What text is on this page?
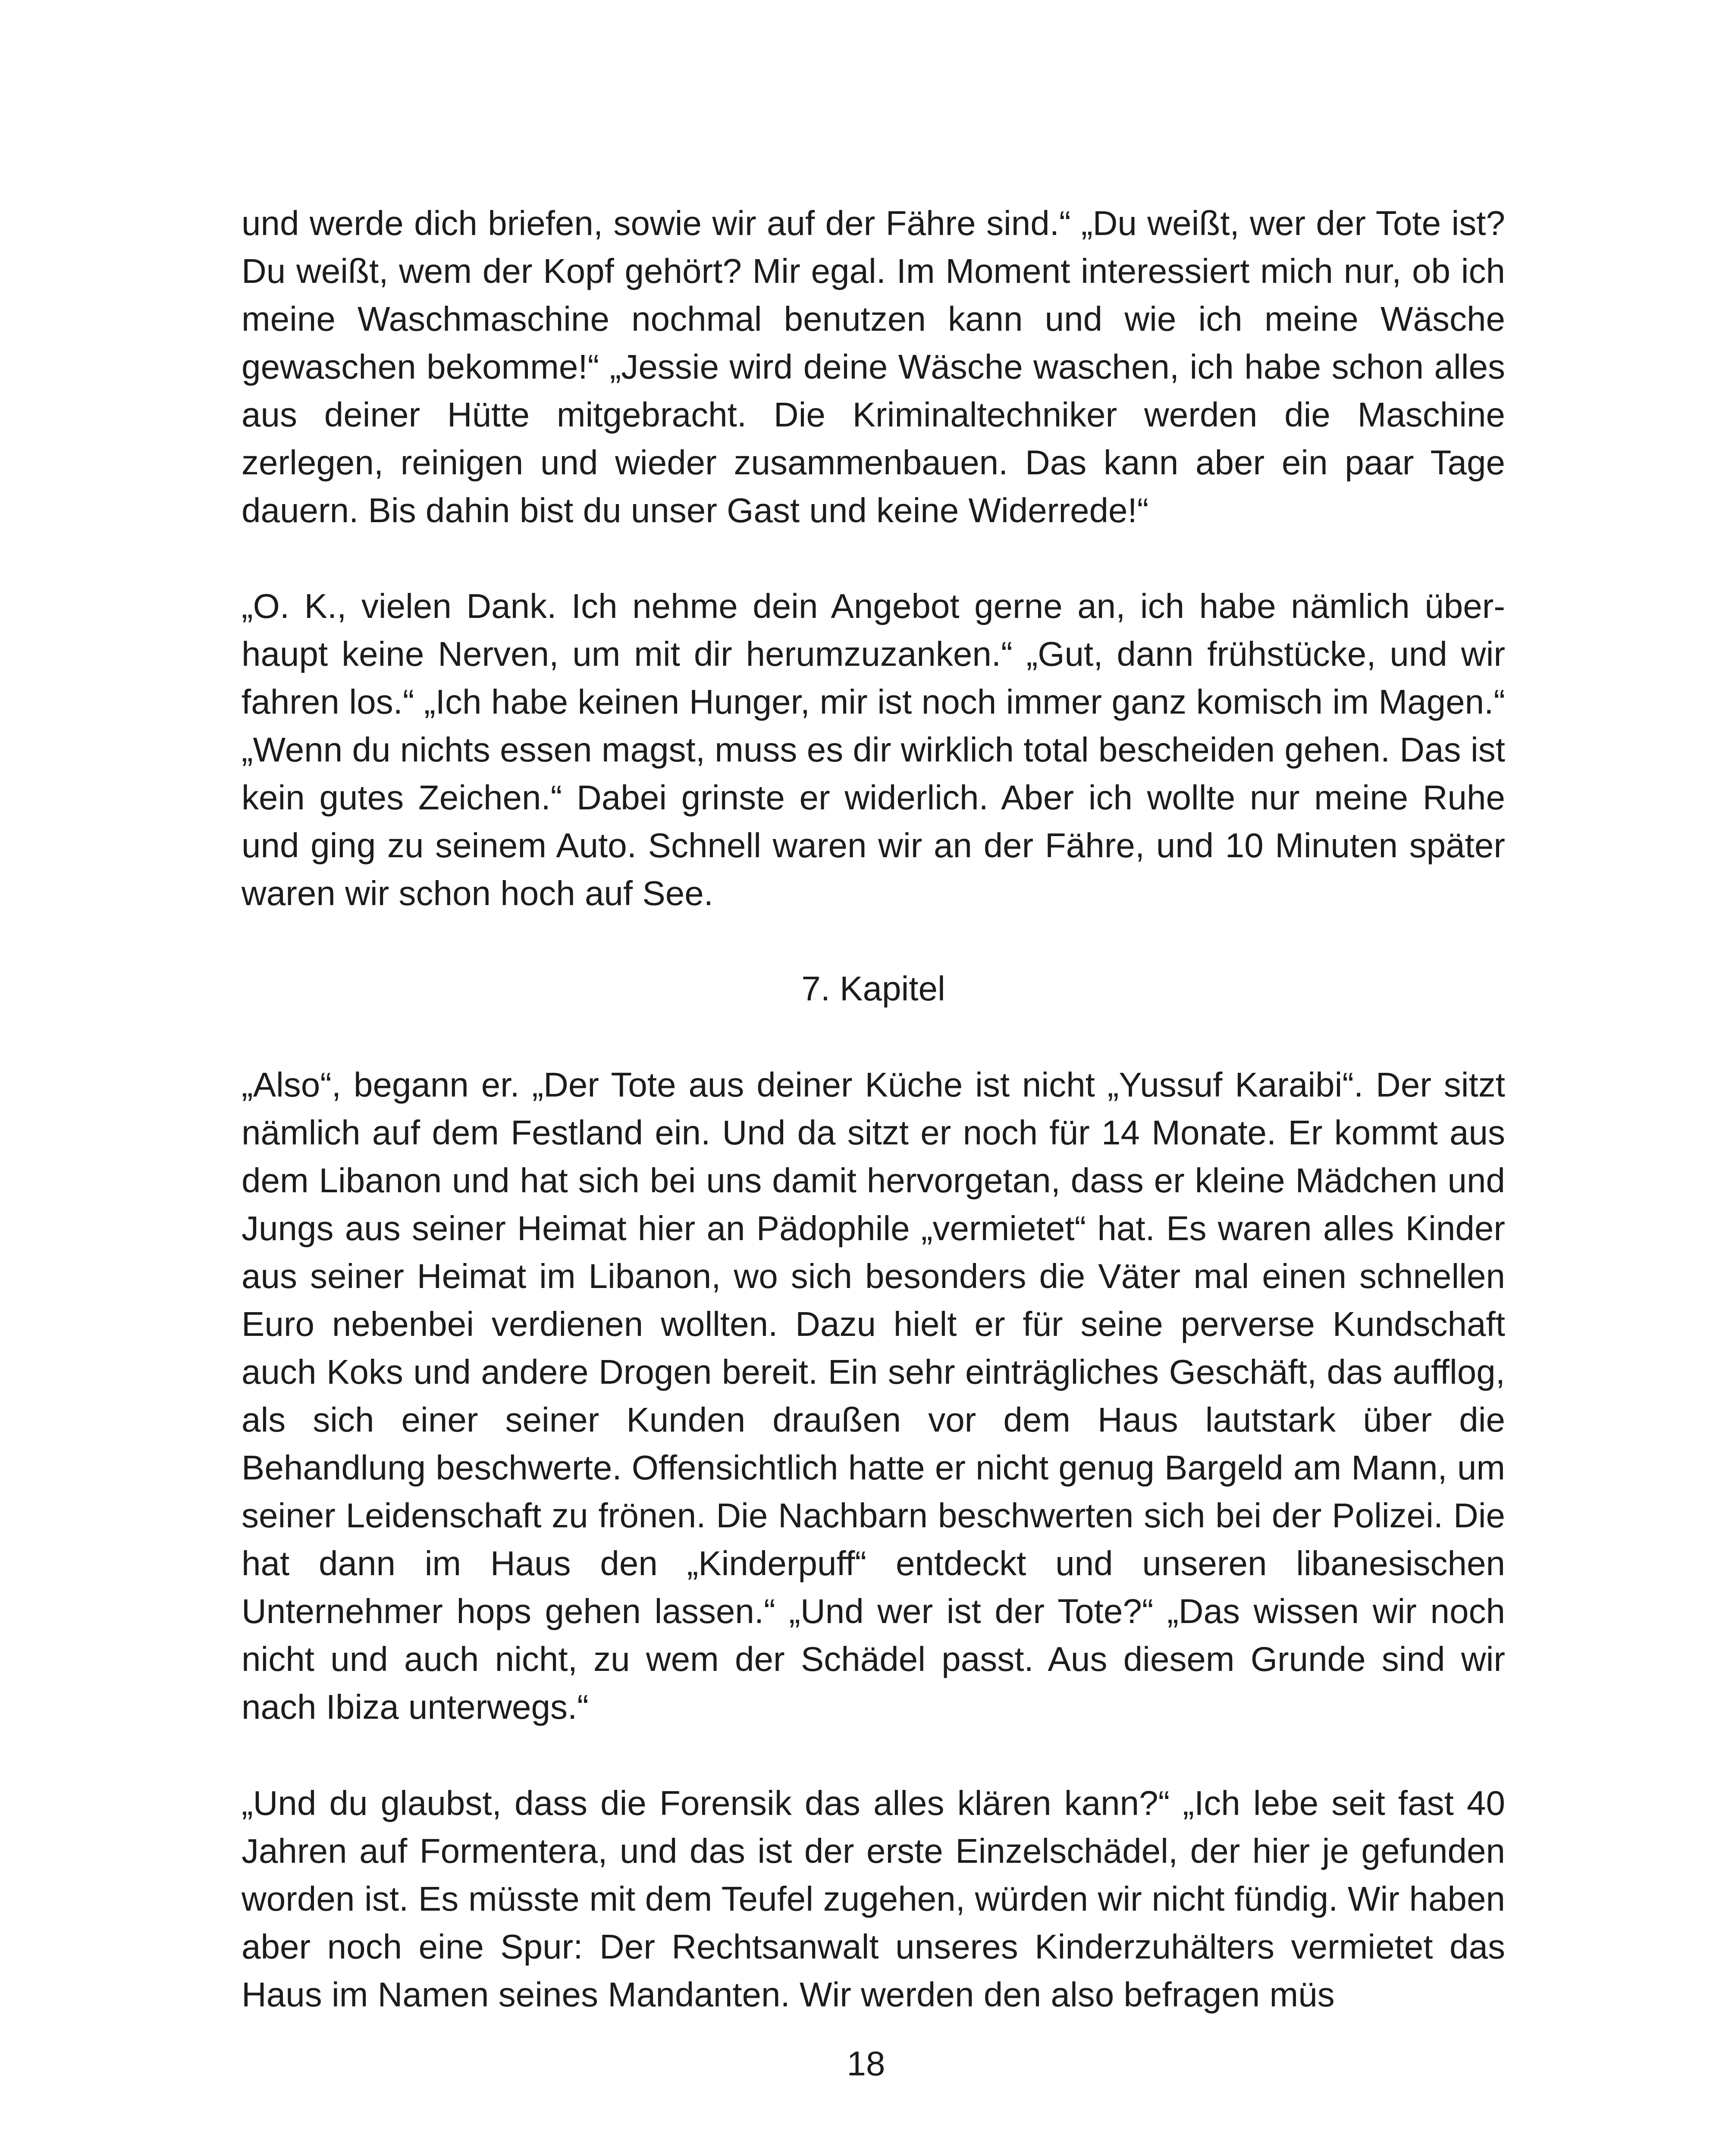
und werde dich briefen, sowie wir auf der Fähre sind.“ „Du weißt, wer der Tote ist? Du weißt, wem der Kopf gehört? Mir egal. Im Moment interessiert mich nur, ob ich meine Waschmaschine nochmal benutzen kann und wie ich meine Wäsche gewaschen bekomme!“ „Jessie wird deine Wäsche waschen, ich habe schon alles aus deiner Hütte mitgebracht. Die Kriminaltechniker werden die Maschine zerlegen, reinigen und wieder zusammenbauen. Das kann aber ein paar Tage dauern. Bis dahin bist du unser Gast und keine Widerrede!“

„O. K., vielen Dank. Ich nehme dein Angebot gerne an, ich habe nämlich überhaupt keine Nerven, um mit dir herumzuzanken.“ „Gut, dann frühstücke, und wir fahren los.“ „Ich habe keinen Hunger, mir ist noch immer ganz komisch im Magen.“ „Wenn du nichts essen magst, muss es dir wirklich total bescheiden gehen. Das ist kein gutes Zeichen.“ Dabei grinste er widerlich. Aber ich wollte nur meine Ruhe und ging zu seinem Auto. Schnell waren wir an der Fähre, und 10 Minuten später waren wir schon hoch auf See.

7. Kapitel

„Also“, begann er. „Der Tote aus deiner Küche ist nicht „Yussuf Karaibi“. Der sitzt nämlich auf dem Festland ein. Und da sitzt er noch für 14 Monate. Er kommt aus dem Libanon und hat sich bei uns damit hervorgetan, dass er kleine Mädchen und Jungs aus seiner Heimat hier an Pädophile „vermietet“ hat. Es waren alles Kinder aus seiner Heimat im Libanon, wo sich besonders die Väter mal einen schnellen Euro nebenbei verdienen wollten. Dazu hielt er für seine perverse Kundschaft auch Koks und andere Drogen bereit. Ein sehr einträgliches Geschäft, das aufflog, als sich einer seiner Kunden draußen vor dem Haus lautstark über die Behandlung beschwerte. Offensichtlich hatte er nicht genug Bargeld am Mann, um seiner Leidenschaft zu frönen. Die Nachbarn beschwerten sich bei der Polizei. Die hat dann im Haus den „Kinderpuff“ entdeckt und unseren libanesischen Unternehmer hops gehen lassen.“ „Und wer ist der Tote?“ „Das wissen wir noch nicht und auch nicht, zu wem der Schädel passt. Aus diesem Grunde sind wir nach Ibiza unterwegs.“

„Und du glaubst, dass die Forensik das alles klären kann?“ „Ich lebe seit fast 40 Jahren auf Formentera, und das ist der erste Einzelschädel, der hier je gefunden worden ist. Es müsste mit dem Teufel zugehen, würden wir nicht fündig. Wir haben aber noch eine Spur: Der Rechtsanwalt unseres Kinderzuhälters vermietet das Haus im Namen seines Mandanten. Wir werden den also befragen müs

18
